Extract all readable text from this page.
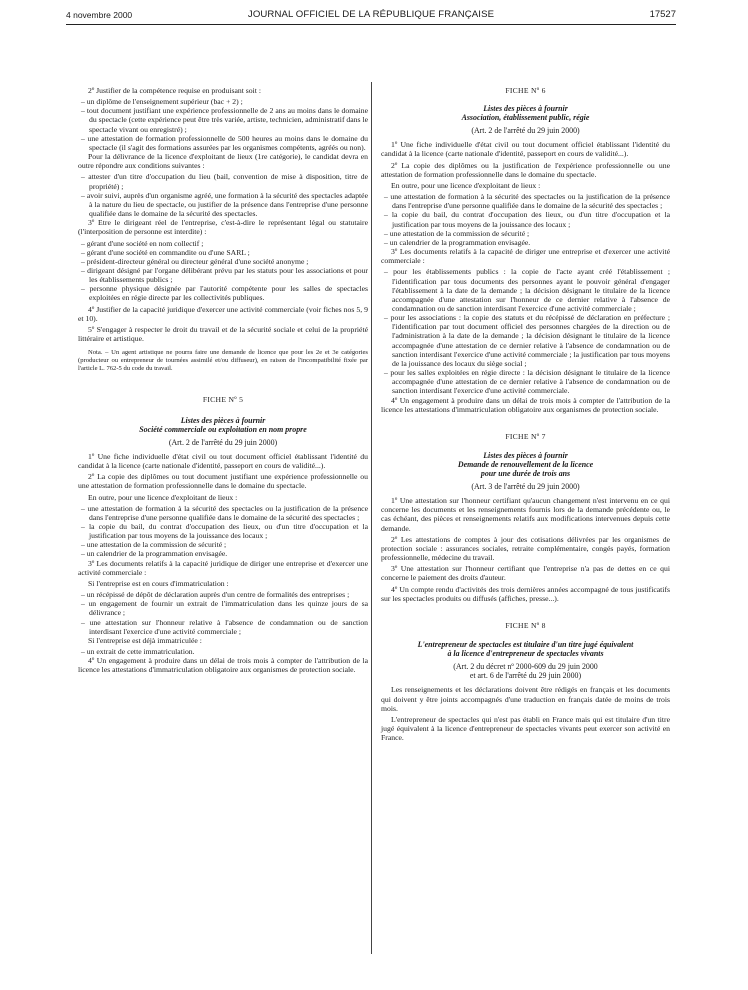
4 novembre 2000	JOURNAL OFFICIEL DE LA RÉPUBLIQUE FRANÇAISE	17527

2º Justifier de la compétence requise en produisant soit :

– un diplôme de l'enseignement supérieur (bac + 2) ;

– tout document justifiant une expérience professionnelle de 2 ans au moins dans le domaine du spectacle (cette expérience peut être très variée, artiste, technicien, administratif dans le spectacle vivant ou enregistré) ;

– une attestation de formation professionnelle de 500 heures au moins dans le domaine du spectacle (il s'agit des formations assurées par les organismes compétents, agréés ou non).

Pour la délivrance de la licence d'exploitant de lieux (1re catégorie), le candidat devra en outre répondre aux conditions suivantes :

– attester d'un titre d'occupation du lieu (bail, convention de mise à disposition, titre de propriété) ;

– avoir suivi, auprès d'un organisme agréé, une formation à la sécurité des spectacles adaptée à la nature du lieu de spectacle, ou justifier de la présence dans l'entreprise d'une personne qualifiée dans le domaine de la sécurité des spectacles.

3º Etre le dirigeant réel de l'entreprise, c'est-à-dire le représentant légal ou statutaire (l'interposition de personne est interdite) :

– gérant d'une société en nom collectif ;

– gérant d'une société en commandite ou d'une SARL ;

– président-directeur général ou directeur général d'une société anonyme ;

– dirigeant désigné par l'organe délibérant prévu par les statuts pour les associations et pour les établissements publics ;

– personne physique désignée par l'autorité compétente pour les salles de spectacles exploitées en régie directe par les collectivités publiques.

4º Justifier de la capacité juridique d'exercer une activité commerciale (voir fiches nos 5, 9 et 10).

5º S'engager à respecter le droit du travail et de la sécurité sociale et celui de la propriété littéraire et artistique.

Nota. – Un agent artistique ne pourra faire une demande de licence que pour les 2e et 3e catégories (producteur ou entrepreneur de tournées assimilé et/ou diffuseur), en raison de l'incompatibilité fixée par l'article L. 762-5 du code du travail.

FICHE Nº 5

Listes des pièces à fournir

Société commerciale ou exploitation en nom propre

(Art. 2 de l'arrêté du 29 juin 2000)

1º Une fiche individuelle d'état civil ou tout document officiel établissant l'identité du candidat à la licence (carte nationale d'identité, passeport en cours de validité...).

2º La copie des diplômes ou tout document justifiant une expérience professionnelle ou une attestation de formation professionnelle dans le domaine du spectacle.

En outre, pour une licence d'exploitant de lieux :

– une attestation de formation à la sécurité des spectacles ou la justification de la présence dans l'entreprise d'une personne qualifiée dans le domaine de la sécurité des spectacles ;

– la copie du bail, du contrat d'occupation des lieux, ou d'un titre d'occupation et la justification par tous moyens de la jouissance des locaux ;

– une attestation de la commission de sécurité ;

– un calendrier de la programmation envisagée.

3º Les documents relatifs à la capacité juridique de diriger une entreprise et d'exercer une activité commerciale :

Si l'entreprise est en cours d'immatriculation :

– un récépissé de dépôt de déclaration auprès d'un centre de formalités des entreprises ;

– un engagement de fournir un extrait de l'immatriculation dans les quinze jours de sa délivrance ;

– une attestation sur l'honneur relative à l'absence de condamnation ou de sanction interdisant l'exercice d'une activité commerciale ;

Si l'entreprise est déjà immatriculée :

– un extrait de cette immatriculation.

4º Un engagement à produire dans un délai de trois mois à compter de l'attribution de la licence les attestations d'immatriculation obligatoire aux organismes de protection sociale.

FICHE Nº 6

Listes des pièces à fournir

Association, établissement public, régie

(Art. 2 de l'arrêté du 29 juin 2000)

1º Une fiche individuelle d'état civil ou tout document officiel établissant l'identité du candidat à la licence (carte nationale d'identité, passeport en cours de validité...).

2º La copie des diplômes ou la justification de l'expérience professionnelle ou une attestation de formation professionnelle dans le domaine du spectacle.

En outre, pour une licence d'exploitant de lieux :

– une attestation de formation à la sécurité des spectacles ou la justification de la présence dans l'entreprise d'une personne qualifiée dans le domaine de la sécurité des spectacles ;

– la copie du bail, du contrat d'occupation des lieux, ou d'un titre d'occupation et la justification par tous moyens de la jouissance des locaux ;

– une attestation de la commission de sécurité ;

– un calendrier de la programmation envisagée.

3º Les documents relatifs à la capacité de diriger une entreprise et d'exercer une activité commerciale :

– pour les établissements publics : la copie de l'acte ayant créé l'établissement ; l'identification par tous documents des personnes ayant le pouvoir général d'engager l'établissement à la date de la demande ; la décision désignant le titulaire de la licence accompagnée d'une attestation sur l'honneur de ce dernier relative à l'absence de condamnation ou de sanction interdisant l'exercice d'une activité commerciale ;

– pour les associations : la copie des statuts et du récépissé de déclaration en préfecture ; l'identification par tout document officiel des personnes chargées de la direction ou de l'administration à la date de la demande ; la décision désignant le titulaire de la licence accompagnée d'une attestation de ce dernier relative à l'absence de condamnation ou de sanction interdisant l'exercice d'une activité commerciale ; la justification par tous moyens de la jouissance des locaux du siège social ;

– pour les salles exploitées en régie directe : la décision désignant le titulaire de la licence accompagnée d'une attestation de ce dernier relative à l'absence de condamnation ou de sanction interdisant l'exercice d'une activité commerciale.

4º Un engagement à produire dans un délai de trois mois à compter de l'attribution de la licence les attestations d'immatriculation obligatoire aux organismes de protection sociale.

FICHE Nº 7

Listes des pièces à fournir

Demande de renouvellement de la licence

pour une durée de trois ans

(Art. 3 de l'arrêté du 29 juin 2000)

1º Une attestation sur l'honneur certifiant qu'aucun changement n'est intervenu en ce qui concerne les documents et les renseignements fournis lors de la demande précédente ou, le cas échéant, des pièces et renseignements relatifs aux modifications intervenues depuis cette demande.

2º Les attestations de comptes à jour des cotisations délivrées par les organismes de protection sociale : assurances sociales, retraite complémentaire, congés payés, formation professionnelle, médecine du travail.

3º Une attestation sur l'honneur certifiant que l'entreprise n'a pas de dettes en ce qui concerne le paiement des droits d'auteur.

4º Un compte rendu d'activités des trois dernières années accompagné de tous justificatifs sur les spectacles produits ou diffusés (affiches, presse...).

FICHE Nº 8

L'entrepreneur de spectacles est titulaire d'un titre jugé équivalent

à la licence d'entrepreneur de spectacles vivants

(Art. 2 du décret nº 2000-609 du 29 juin 2000

et art. 6 de l'arrêté du 29 juin 2000)

Les renseignements et les déclarations doivent être rédigés en français et les documents qui doivent y être joints accompagnés d'une traduction en français datée de moins de trois mois.

L'entrepreneur de spectacles qui n'est pas établi en France mais qui est titulaire d'un titre jugé équivalent à la licence d'entrepreneur de spectacles vivants peut exercer son activité en France.
